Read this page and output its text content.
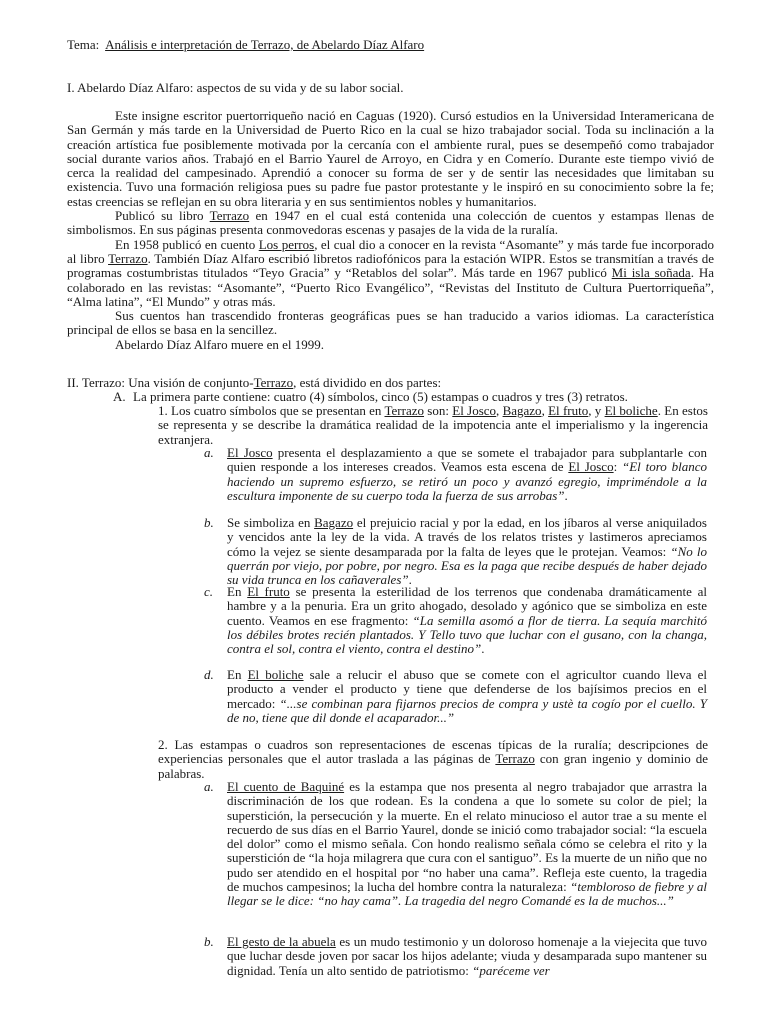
Tema: Análisis e interpretación de Terrazo, de Abelardo Díaz Alfaro
I. Abelardo Díaz Alfaro: aspectos de su vida y de su labor social.

Este insigne escritor puertorriqueño nació en Caguas (1920). Cursó estudios en la Universidad Interamericana de San Germán y más tarde en la Universidad de Puerto Rico en la cual se hizo trabajador social. Toda su inclinación a la creación artística fue posiblemente motivada por la cercanía con el ambiente rural, pues se desempeñó como trabajador social durante varios años. Trabajó en el Barrio Yaurel de Arroyo, en Cidra y en Comerío. Durante este tiempo vivió de cerca la realidad del campesinado. Aprendió a conocer su forma de ser y de sentir las necesidades que limitaban su existencia. Tuvo una formación religiosa pues su padre fue pastor protestante y le inspiró en su conocimiento sobre la fe; estas creencias se reflejan en su obra literaria y en sus sentimientos nobles y humanitarios.

Publicó su libro Terrazo en 1947 en el cual está contenida una colección de cuentos y estampas llenas de simbolismos. En sus páginas presenta conmovedoras escenas y pasajes de la vida de la ruralía.

En 1958 publicó en cuento Los perros, el cual dio a conocer en la revista “Asomante” y más tarde fue incorporado al libro Terrazo. También Díaz Alfaro escribió libretos radiofónicos para la estación WIPR. Estos se transmitían a través de programas costumbristas titulados “Teyo Gracia” y “Retablos del solar”. Más tarde en 1967 publicó Mi isla soñada. Ha colaborado en las revistas: “Asomante”, “Puerto Rico Evangélico”, “Revistas del Instituto de Cultura Puertorriqueña”, “Alma latina”, “El Mundo” y otras más.

Sus cuentos han trascendido fronteras geográficas pues se han traducido a varios idiomas. La característica principal de ellos se basa en la sencillez.

Abelardo Díaz Alfaro muere en el 1999.

II. Terrazo: Una visión de conjunto-Terrazo, está dividido en dos partes:
A. La primera parte contiene: cuatro (4) símbolos, cinco (5) estampas o cuadros y tres (3) retratos.
1. Los cuatro símbolos que se presentan en Terrazo son: El Josco, Bagazo, El fruto, y El boliche. En estos se representa y se describe la dramática realidad de la impotencia ante el imperialismo y la ingerencia extranjera.
a. El Josco presenta el desplazamiento a que se somete el trabajador para subplantarle con quien responde a los intereses creados. Veamos esta escena de El Josco: “El toro blanco haciendo un supremo esfuerzo, se retiró un poco y avanzó egregio, impriméndole a la escultura imponente de su cuerpo toda la fuerza de sus arrobas”.
b. Se simboliza en Bagazo el prejuicio racial y por la edad, en los jíbaros al verse aniquilados y vencidos ante la ley de la vida. A través de los relatos tristes y lastimeros apreciamos cómo la vejez se siente desamparada por la falta de leyes que le protejan. Veamos: “No lo querrán por viejo, por pobre, por negro. Esa es la paga que recibe después de haber dejado su vida trunca en los cañaverales”.
c. En El fruto se presenta la esterilidad de los terrenos que condenaba dramáticamente al hambre y a la penuria. Era un grito ahogado, desolado y agónico que se simboliza en este cuento. Veamos en ese fragmento: “La semilla asomó a flor de tierra. La sequía marchitó los débiles brotes recién plantados. Y Tello tuvo que luchar con el gusano, con la changa, contra el sol, contra el viento, contra el destino”.
d. En El boliche sale a relucir el abuso que se comete con el agricultor cuando lleva el producto a vender el producto y tiene que defenderse de los bajísimos precios en el mercado: “...se combinan para fijarnos precios de compra y ustè ta cogío por el cuello. Y de no, tiene que dil donde el acaparador...”
2. Las estampas o cuadros son representaciones de escenas típicas de la ruralía; descripciones de experiencias personales que el autor traslada a las páginas de Terrazo con gran ingenio y dominio de palabras.
a. El cuento de Baquiné es la estampa que nos presenta al negro trabajador que arrastra la discriminación de los que rodean. Es la condena a que lo somete su color de piel; la superstición, la persecución y la muerte. En el relato minucioso el autor trae a su mente el recuerdo de sus días en el Barrio Yaurel, donde se inició como trabajador social: “la escuela del dolor” como el mismo señala. Con hondo realismo señala cómo se celebra el rito y la superstición de “la hoja milagrera que cura con el santiguo”. Es la muerte de un niño que no pudo ser atendido en el hospital por “no haber una cama”. Refleja este cuento, la tragedia de muchos campesinos; la lucha del hombre contra la naturaleza: “tembloroso de fiebre y al llegar se le dice: “no hay cama”. La tragedia del negro Comandé es la de muchos...”
b. El gesto de la abuela es un mudo testimonio y un doloroso homenaje a la viejecita que tuvo que luchar desde joven por sacar los hijos adelante; viuda y desamparada supo mantener su dignidad. Tenía un alto sentido de patriotismo: “paréceme ver
